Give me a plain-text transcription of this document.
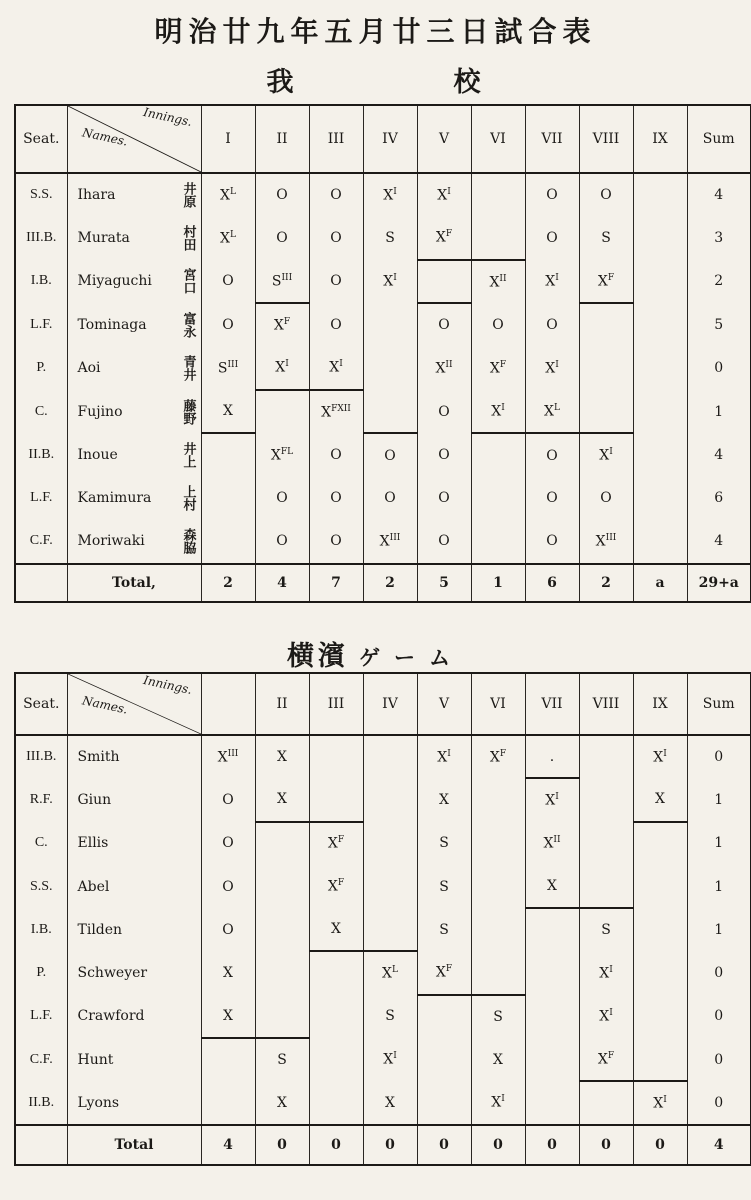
明治廿九年五月廿三日試合表
我	校
Seat.	Innings.
Names.	I	II	III	IV	V	VI	VII	VIII	IX	Sum
S.S.	Ihara 井原	$X^L$	O	O	$X^I$	$X^I$		O	O		4
III.B.	Murata 村田	$X^L$	O	O	S	$X^F$		O	S		3
I.B.	Miyaguchi 宮口	O	$S^{III}$	O	$X^I$		$X^{II}$	$X^I$	$X^F$		2
L.F.	Tominaga 富永	O	$X^F$	O		O	O	O			5
P.	Aoi 青井	$S^{III}$	$X^I$	$X^I$		$X^{II}$	$X^F$	$X^I$			0
C.	Fujino 藤野	X		$X^{FXII}$		O	$X^I$	$X^L$			1
II.B.	Inoue 井上		$X^{FL}$	O	O	O		O	$X^I$		4
L.F.	Kamimura 上村		O	O	O	O		O	O		6
C.F.	Moriwaki 森脇		O	O	$X^{III}$	O		O	$X^{III}$		4
	Total,	2	4	7	2	5	1	6	2	a	29+a
横濱 ゲーム
Seat.	Innings.
Names.		II	III	IV	V	VI	VII	VIII	IX	Sum
III.B.	Smith	$X^{III}$	X			$X^I$	$X^F$	.		$X^I$	0
R.F.	Giun	O	X			X		$X^I$		X	1
C.	Ellis	O		$X^F$		S		$X^{II}$			1
S.S.	Abel	O		$X^F$		S		X			1
I.B.	Tilden	O		X		S			S		1
P.	Schweyer	X			$X^L$	$X^F$			$X^I$		0
L.F.	Crawford	X			S		S		$X^I$		0
C.F.	Hunt		S		$X^I$		X		$X^F$		0
II.B.	Lyons		X		X		$X^I$			$X^I$	0
	Total	4	0	0	0	0	0	0	0	0	4
